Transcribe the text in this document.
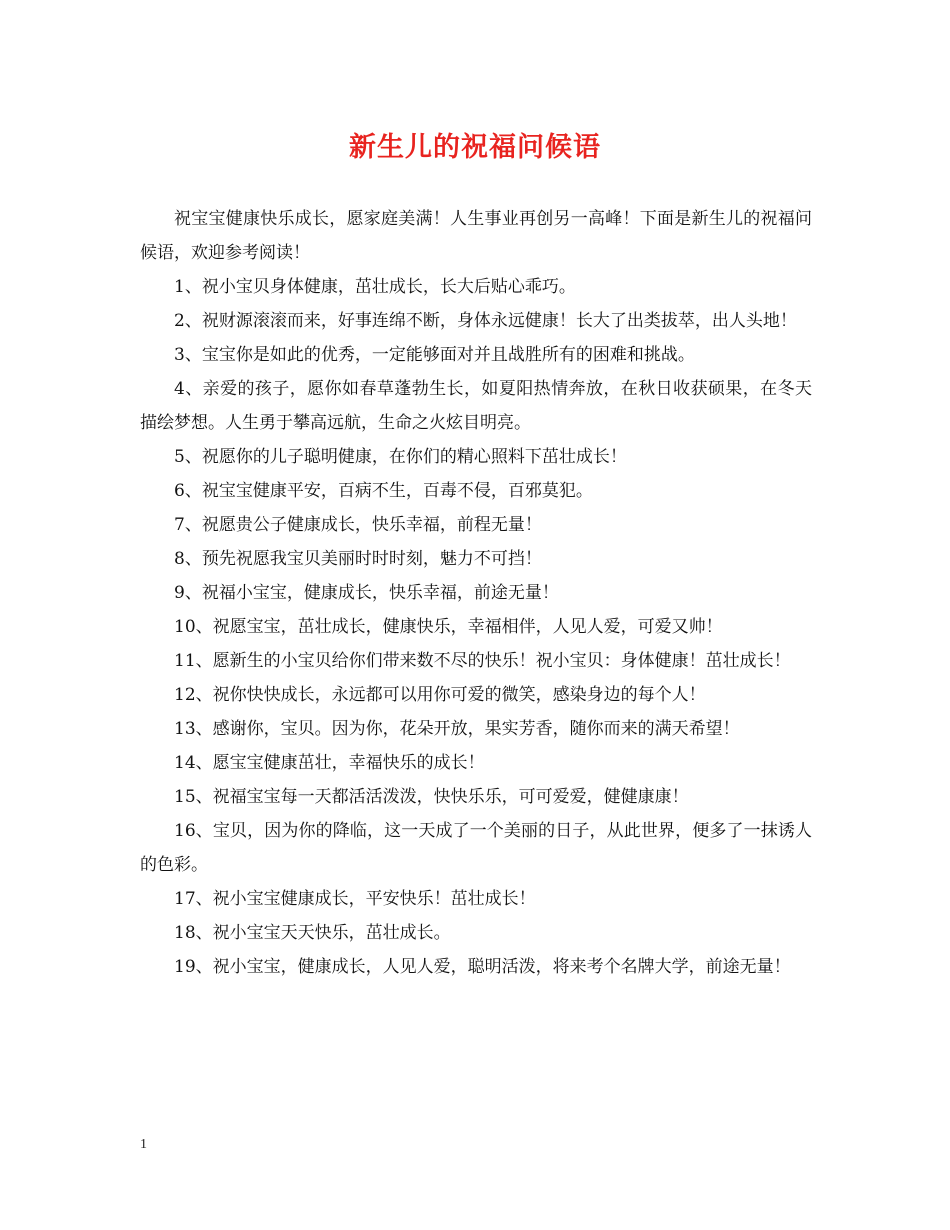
新生儿的祝福问候语

祝宝宝健康快乐成长，愿家庭美满！人生事业再创另一高峰！下面是新生儿的祝福问候语，欢迎参考阅读！

1、祝小宝贝身体健康，茁壮成长，长大后贴心乖巧。

2、祝财源滚滚而来，好事连绵不断，身体永远健康！长大了出类拔萃，出人头地！

3、宝宝你是如此的优秀，一定能够面对并且战胜所有的困难和挑战。

4、亲爱的孩子，愿你如春草蓬勃生长，如夏阳热情奔放，在秋日收获硕果，在冬天描绘梦想。人生勇于攀高远航，生命之火炫目明亮。

5、祝愿你的儿子聪明健康，在你们的精心照料下茁壮成长！

6、祝宝宝健康平安，百病不生，百毒不侵，百邪莫犯。

7、祝愿贵公子健康成长，快乐幸福，前程无量！

8、预先祝愿我宝贝美丽时时时刻，魅力不可挡！

9、祝福小宝宝，健康成长，快乐幸福，前途无量！

10、祝愿宝宝，茁壮成长，健康快乐，幸福相伴，人见人爱，可爱又帅！

11、愿新生的小宝贝给你们带来数不尽的快乐！祝小宝贝：身体健康！茁壮成长！

12、祝你快快成长，永远都可以用你可爱的微笑，感染身边的每个人！

13、感谢你，宝贝。因为你，花朵开放，果实芳香，随你而来的满天希望！

14、愿宝宝健康茁壮，幸福快乐的成长！

15、祝福宝宝每一天都活活泼泼，快快乐乐，可可爱爱，健健康康！

16、宝贝，因为你的降临，这一天成了一个美丽的日子，从此世界，便多了一抹诱人的色彩。

17、祝小宝宝健康成长，平安快乐！茁壮成长！

18、祝小宝宝天天快乐，茁壮成长。

19、祝小宝宝，健康成长，人见人爱，聪明活泼，将来考个名牌大学，前途无量！

1
